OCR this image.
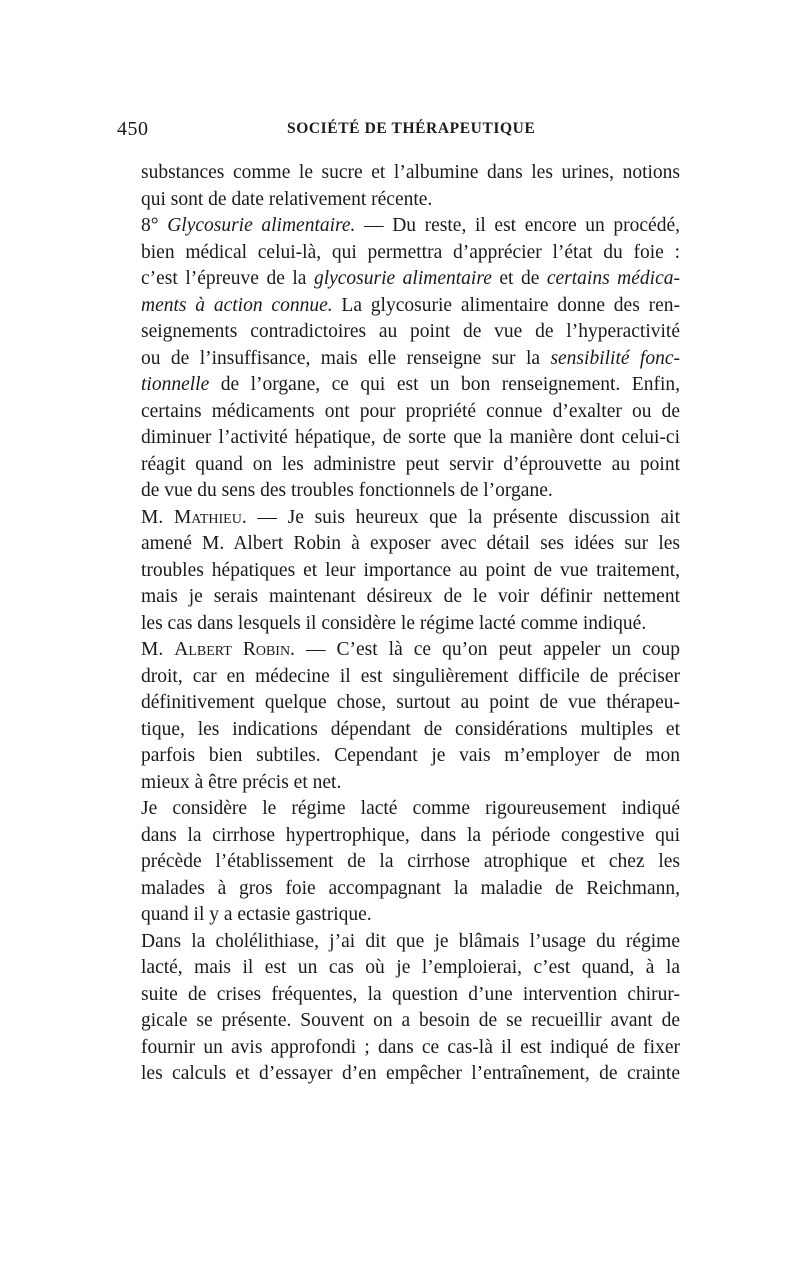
450	SOCIÉTÉ DE THÉRAPEUTIQUE

substances comme le sucre et l’albumine dans les urines, notions
qui sont de date relativement récente.

8° Glycosurie alimentaire. — Du reste, il est encore un procédé,
bien médical celui-là, qui permettra d’apprécier l’état du foie :
c’est l’épreuve de la glycosurie alimentaire et de certains médica-
ments à action connue. La glycosurie alimentaire donne des ren-
seignements contradictoires au point de vue de l’hyperactivité
ou de l’insuffisance, mais elle renseigne sur la sensibilité fonc-
tionnelle de l’organe, ce qui est un bon renseignement. Enfin,
certains médicaments ont pour propriété connue d’exalter ou de
diminuer l’activité hépatique, de sorte que la manière dont celui-ci
réagit quand on les administre peut servir d’éprouvette au point
de vue du sens des troubles fonctionnels de l’organe.

M. Mathieu. — Je suis heureux que la présente discussion ait
amené M. Albert Robin à exposer avec détail ses idées sur les
troubles hépatiques et leur importance au point de vue traitement,
mais je serais maintenant désireux de le voir définir nettement
les cas dans lesquels il considère le régime lacté comme indiqué.

M. Albert Robin. — C’est là ce qu’on peut appeler un coup
droit, car en médecine il est singulièrement difficile de préciser
définitivement quelque chose, surtout au point de vue thérapeu-
tique, les indications dépendant de considérations multiples et
parfois bien subtiles. Cependant je vais m’employer de mon
mieux à être précis et net.

Je considère le régime lacté comme rigoureusement indiqué
dans la cirrhose hypertrophique, dans la période congestive qui
précède l’établissement de la cirrhose atrophique et chez les
malades à gros foie accompagnant la maladie de Reichmann,
quand il y a ectasie gastrique.

Dans la cholélithiase, j’ai dit que je blâmais l’usage du régime
lacté, mais il est un cas où je l’emploierai, c’est quand, à la
suite de crises fréquentes, la question d’une intervention chirur-
gicale se présente. Souvent on a besoin de se recueillir avant de
fournir un avis approfondi ; dans ce cas-là il est indiqué de fixer
les calculs et d’essayer d’en empêcher l’entraînement, de crainte
